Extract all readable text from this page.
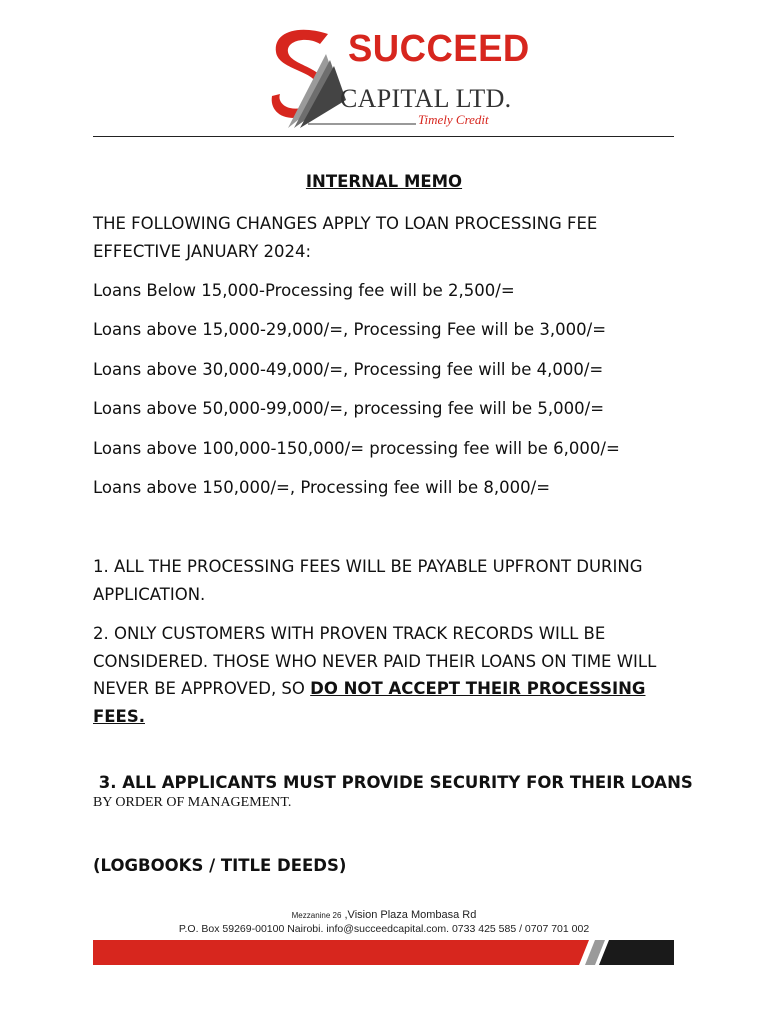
SUCCEED
CAPITAL LTD.
Timely Credit
INTERNAL MEMO
THE FOLLOWING CHANGES APPLY TO LOAN PROCESSING FEE
EFFECTIVE JANUARY 2024:
Loans Below 15,000-Processing fee will be 2,500/=
Loans above 15,000-29,000/=, Processing Fee will be 3,000/=
Loans above 30,000-49,000/=, Processing fee will be 4,000/=
Loans above 50,000-99,000/=, processing fee will be 5,000/=
Loans above 100,000-150,000/= processing fee will be 6,000/=
Loans above 150,000/=, Processing fee will be 8,000/=
1. ALL THE PROCESSING FEES WILL BE PAYABLE UPFRONT DURING
APPLICATION.
2. ONLY CUSTOMERS WITH PROVEN TRACK RECORDS WILL BE
CONSIDERED. THOSE WHO NEVER PAID THEIR LOANS ON TIME WILL
NEVER BE APPROVED, SO DO NOT ACCEPT THEIR PROCESSING FEES.

3. ALL APPLICANTS MUST PROVIDE SECURITY FOR THEIR LOANS

(LOGBOOKS / TITLE DEEDS)

BY ORDER OF MANAGEMENT.
Mezzanine 26 ,Vision Plaza Mombasa Rd
P.O. Box 59269-00100 Nairobi. info@succeedcapital.com. 0733 425 585 / 0707 701 002
